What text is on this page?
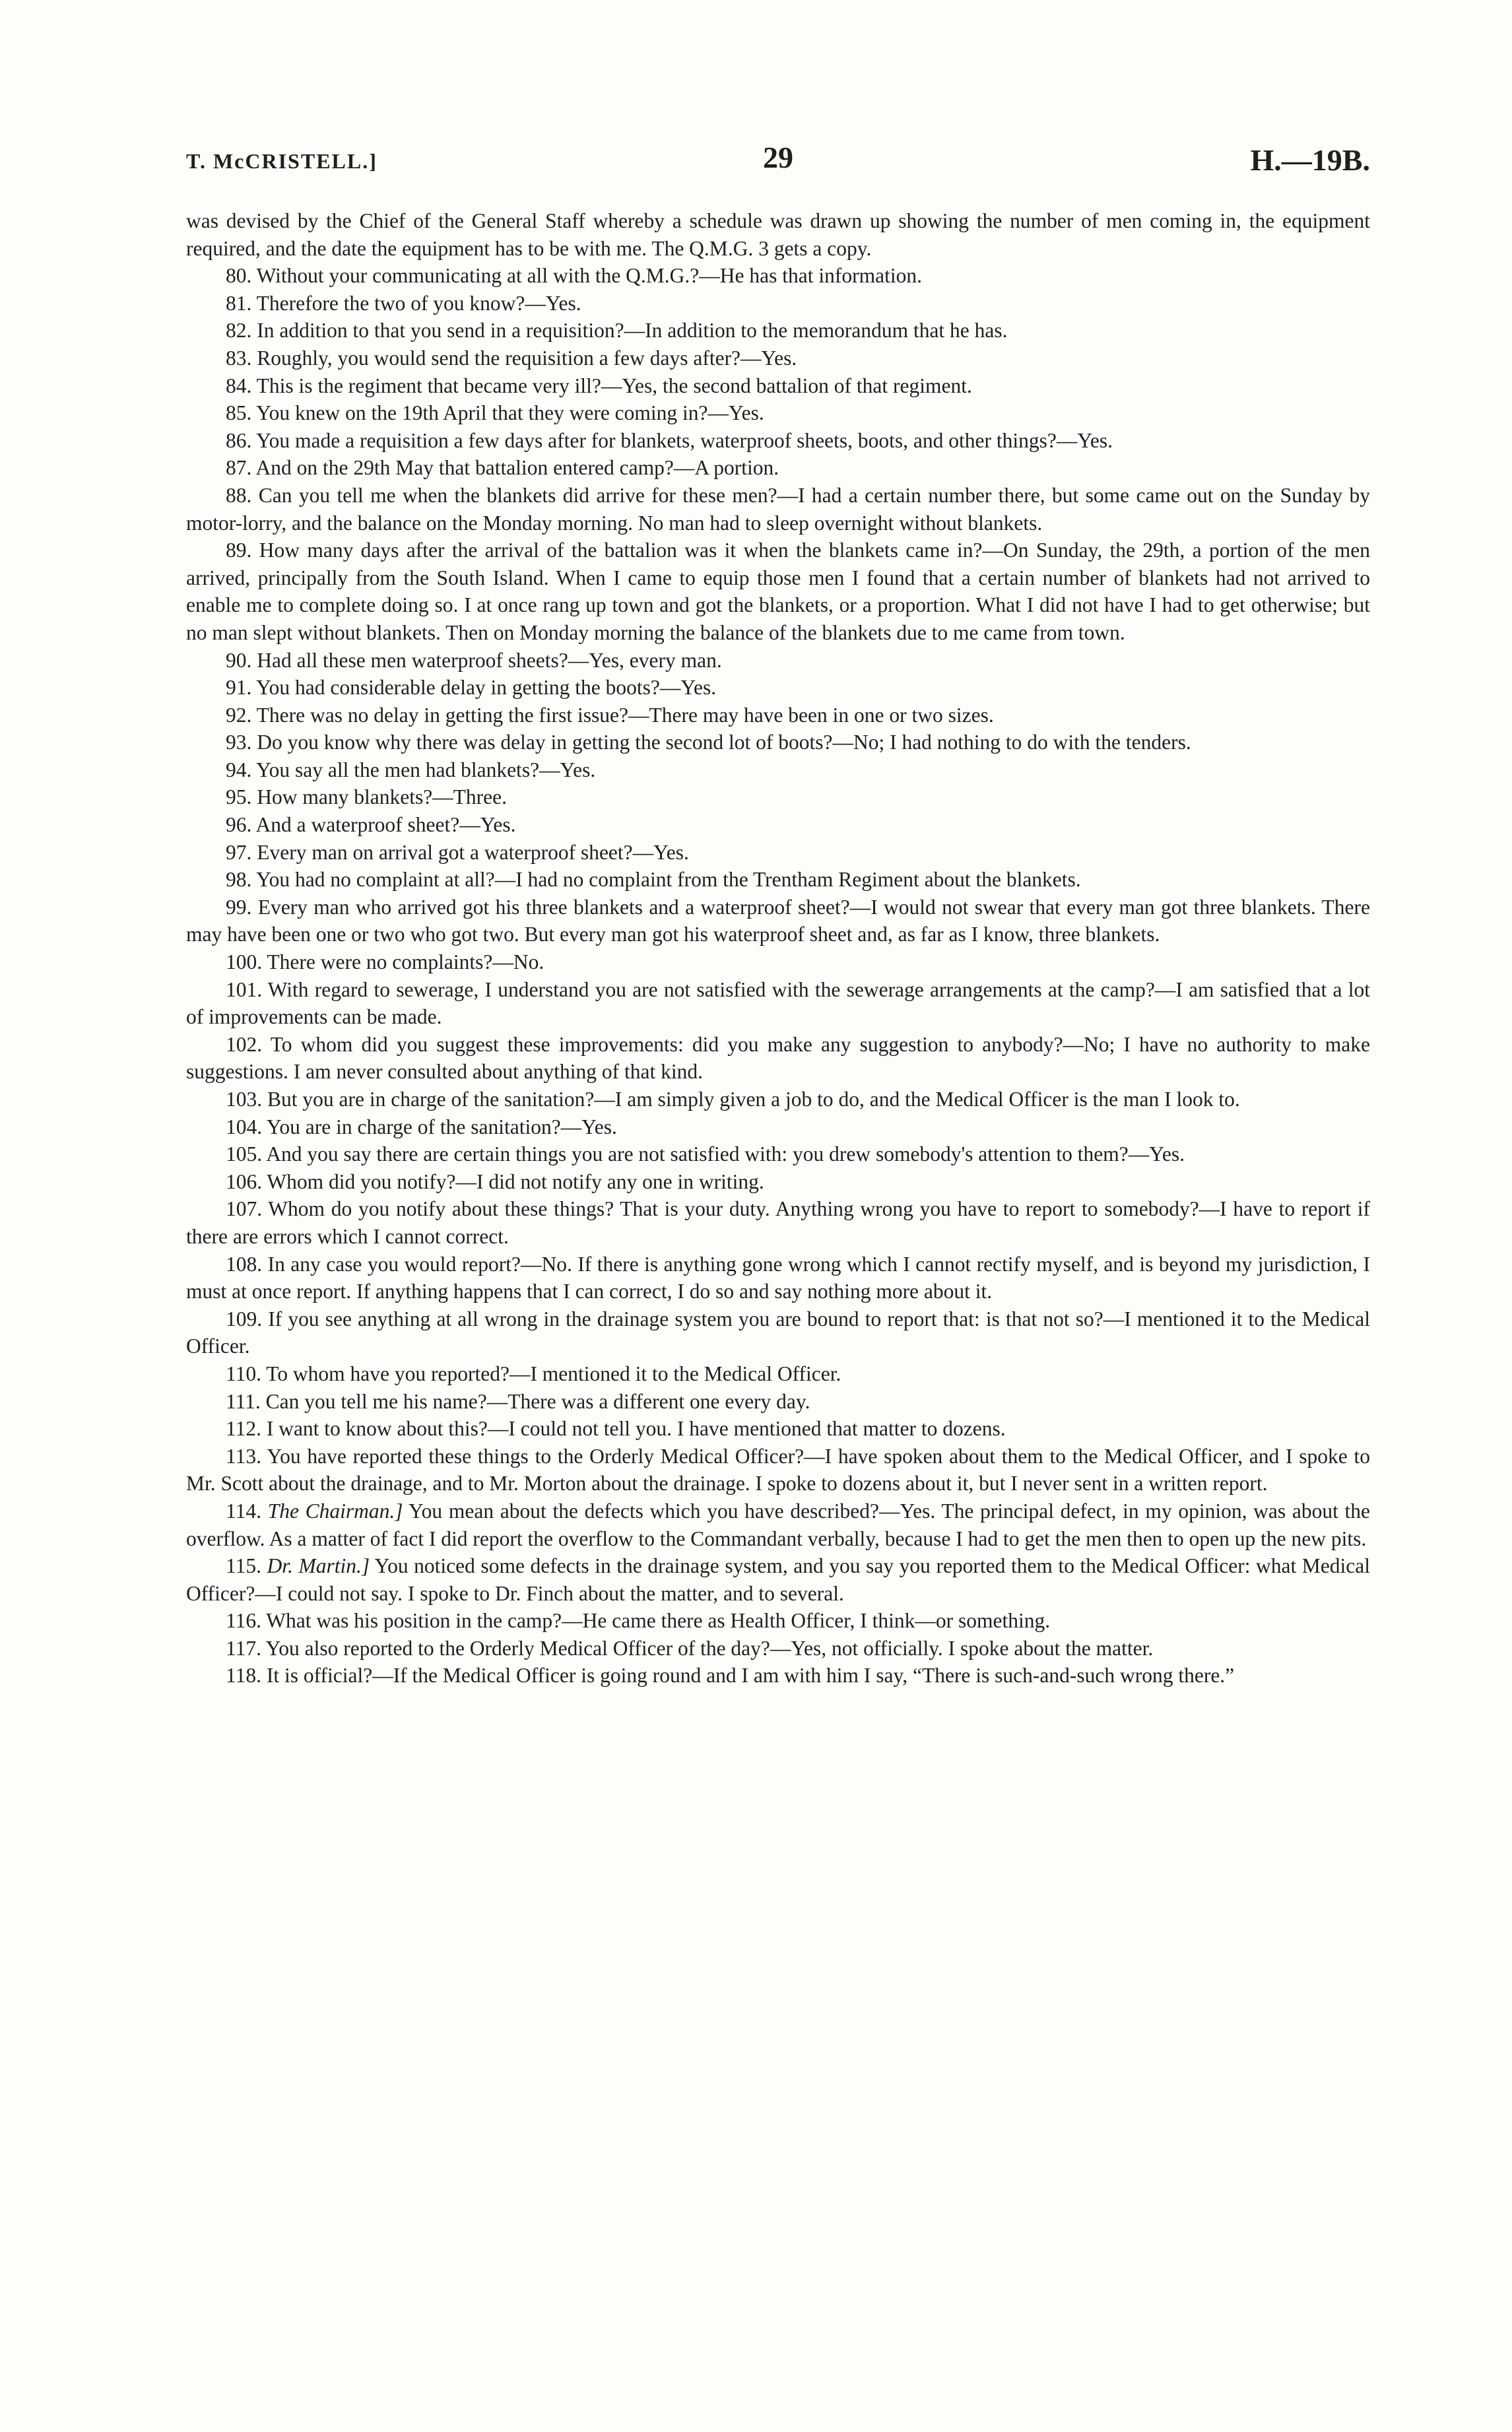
T. McCRISTELL.]	29	H.—19B.

was devised by the Chief of the General Staff whereby a schedule was drawn up showing the number of men coming in, the equipment required, and the date the equipment has to be with me. The Q.M.G. 3 gets a copy.

80. Without your communicating at all with the Q.M.G.?—He has that information.

81. Therefore the two of you know?—Yes.

82. In addition to that you send in a requisition?—In addition to the memorandum that he has.

83. Roughly, you would send the requisition a few days after?—Yes.

84. This is the regiment that became very ill?—Yes, the second battalion of that regiment.

85. You knew on the 19th April that they were coming in?—Yes.

86. You made a requisition a few days after for blankets, waterproof sheets, boots, and other things?—Yes.

87. And on the 29th May that battalion entered camp?—A portion.

88. Can you tell me when the blankets did arrive for these men?—I had a certain number there, but some came out on the Sunday by motor-lorry, and the balance on the Monday morning. No man had to sleep overnight without blankets.

89. How many days after the arrival of the battalion was it when the blankets came in?—On Sunday, the 29th, a portion of the men arrived, principally from the South Island. When I came to equip those men I found that a certain number of blankets had not arrived to enable me to complete doing so. I at once rang up town and got the blankets, or a proportion. What I did not have I had to get otherwise; but no man slept without blankets. Then on Monday morning the balance of the blankets due to me came from town.

90. Had all these men waterproof sheets?—Yes, every man.

91. You had considerable delay in getting the boots?—Yes.

92. There was no delay in getting the first issue?—There may have been in one or two sizes.

93. Do you know why there was delay in getting the second lot of boots?—No; I had nothing to do with the tenders.

94. You say all the men had blankets?—Yes.

95. How many blankets?—Three.

96. And a waterproof sheet?—Yes.

97. Every man on arrival got a waterproof sheet?—Yes.

98. You had no complaint at all?—I had no complaint from the Trentham Regiment about the blankets.

99. Every man who arrived got his three blankets and a waterproof sheet?—I would not swear that every man got three blankets. There may have been one or two who got two. But every man got his waterproof sheet and, as far as I know, three blankets.

100. There were no complaints?—No.

101. With regard to sewerage, I understand you are not satisfied with the sewerage arrangements at the camp?—I am satisfied that a lot of improvements can be made.

102. To whom did you suggest these improvements: did you make any suggestion to anybody?—No; I have no authority to make suggestions. I am never consulted about anything of that kind.

103. But you are in charge of the sanitation?—I am simply given a job to do, and the Medical Officer is the man I look to.

104. You are in charge of the sanitation?—Yes.

105. And you say there are certain things you are not satisfied with: you drew somebody's attention to them?—Yes.

106. Whom did you notify?—I did not notify any one in writing.

107. Whom do you notify about these things? That is your duty. Anything wrong you have to report to somebody?—I have to report if there are errors which I cannot correct.

108. In any case you would report?—No. If there is anything gone wrong which I cannot rectify myself, and is beyond my jurisdiction, I must at once report. If anything happens that I can correct, I do so and say nothing more about it.

109. If you see anything at all wrong in the drainage system you are bound to report that: is that not so?—I mentioned it to the Medical Officer.

110. To whom have you reported?—I mentioned it to the Medical Officer.

111. Can you tell me his name?—There was a different one every day.

112. I want to know about this?—I could not tell you. I have mentioned that matter to dozens.

113. You have reported these things to the Orderly Medical Officer?—I have spoken about them to the Medical Officer, and I spoke to Mr. Scott about the drainage, and to Mr. Morton about the drainage. I spoke to dozens about it, but I never sent in a written report.

114. The Chairman.] You mean about the defects which you have described?—Yes. The principal defect, in my opinion, was about the overflow. As a matter of fact I did report the overflow to the Commandant verbally, because I had to get the men then to open up the new pits.

115. Dr. Martin.] You noticed some defects in the drainage system, and you say you reported them to the Medical Officer: what Medical Officer?—I could not say. I spoke to Dr. Finch about the matter, and to several.

116. What was his position in the camp?—He came there as Health Officer, I think—or something.

117. You also reported to the Orderly Medical Officer of the day?—Yes, not officially. I spoke about the matter.

118. It is official?—If the Medical Officer is going round and I am with him I say, “There is such-and-such wrong there.”
